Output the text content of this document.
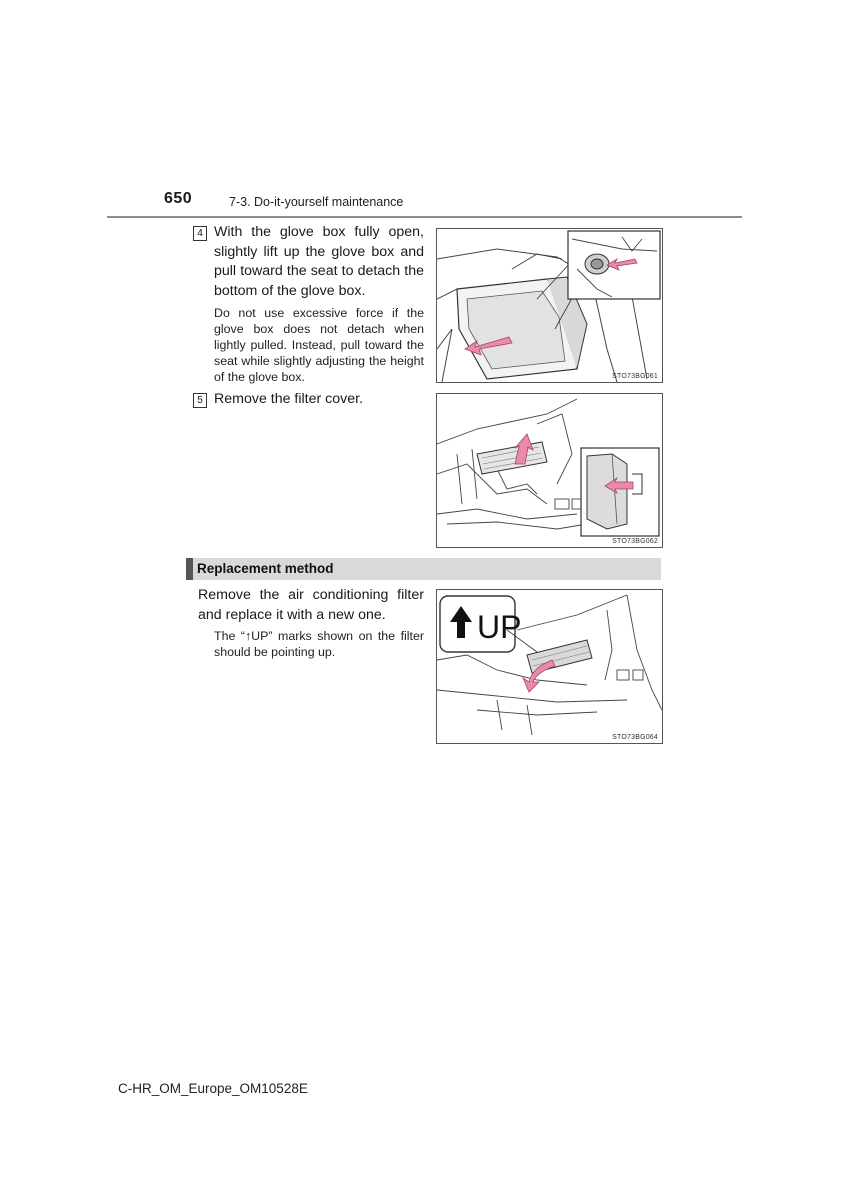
650	7-3. Do-it-yourself maintenance
4 With the glove box fully open, slightly lift up the glove box and pull toward the seat to detach the bottom of the glove box.
Do not use excessive force if the glove box does not detach when lightly pulled. Instead, pull toward the seat while slightly adjusting the height of the glove box.	STO73BG061
5 Remove the filter cover.
STO73BG062
Replacement method
Remove the air conditioning filter and replace it with a new one.
The “↑UP” marks shown on the filter should be pointing up.
UP
STO73BG064
C-HR_OM_Europe_OM10528E
